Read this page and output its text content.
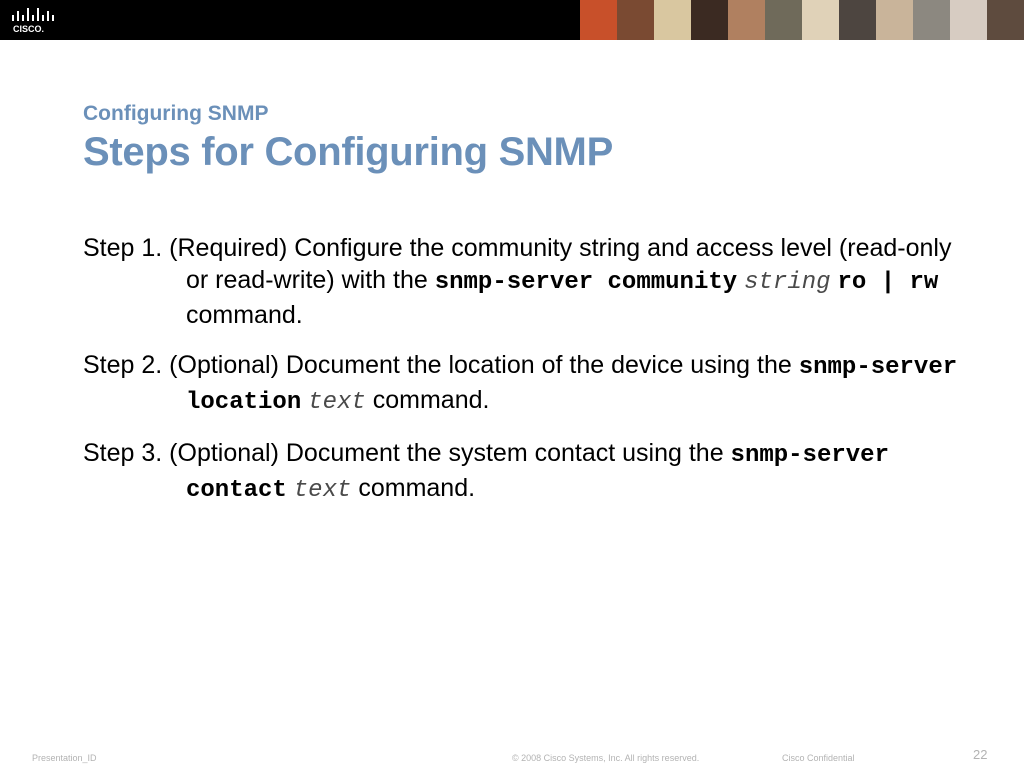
CISCO.
Configuring SNMP
Steps for Configuring SNMP
Step 1. (Required) Configure the community string and access level (read-only or read-write) with the snmp-server community string ro | rw command.
Step 2. (Optional) Document the location of the device using the snmp-server location text command.
Step 3. (Optional) Document the system contact using the snmp-server contact text command.
Presentation_ID	© 2008 Cisco Systems, Inc. All rights reserved.	Cisco Confidential	22
